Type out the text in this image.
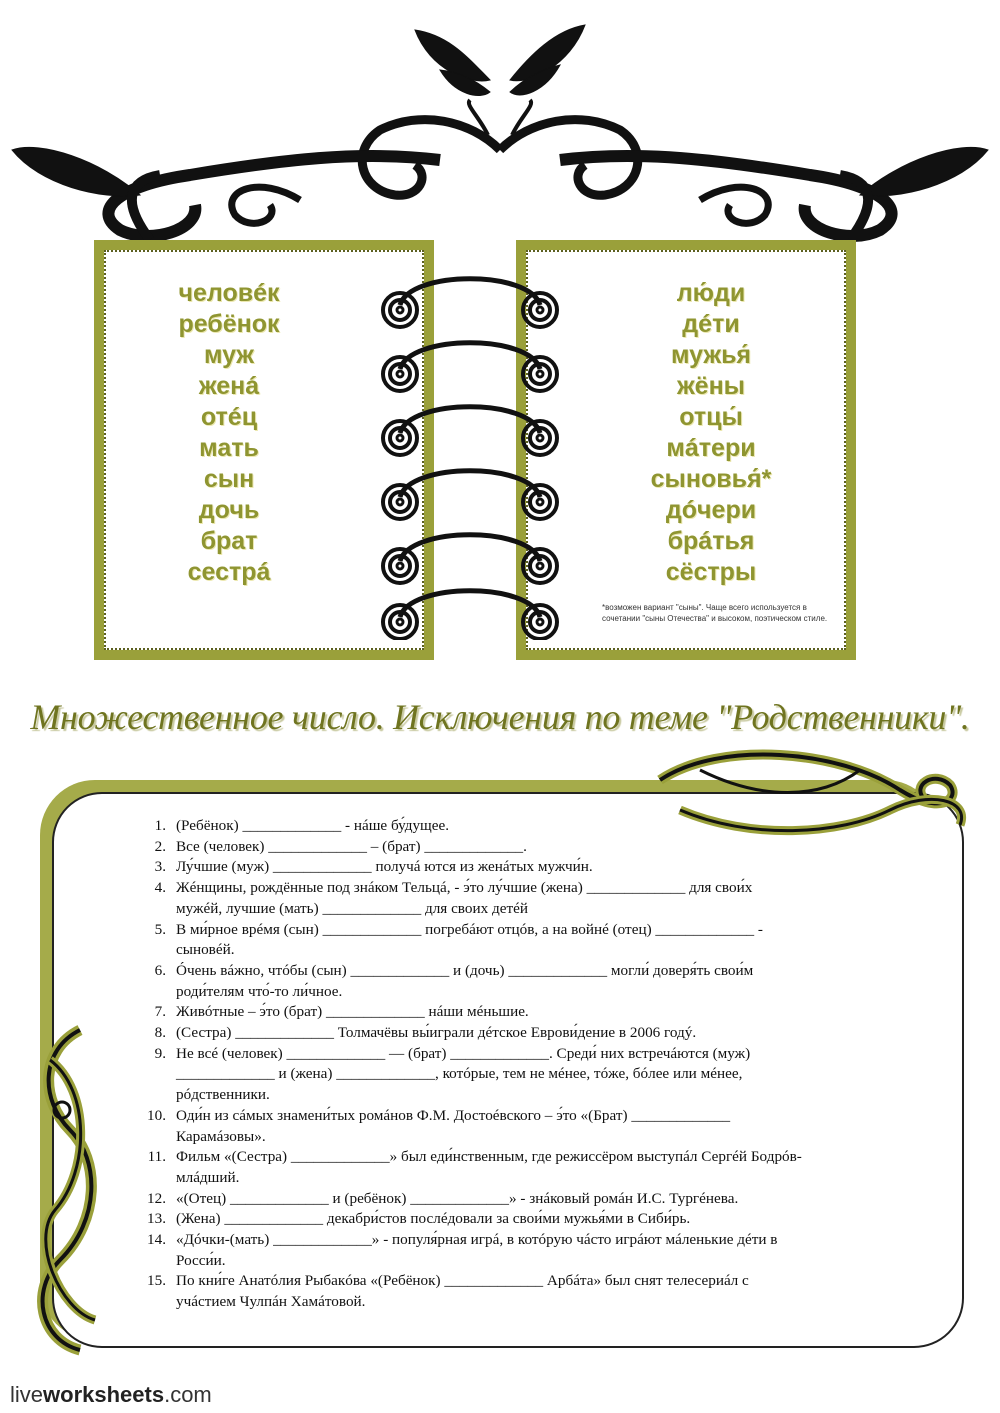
человéк
ребёнок
муж
женá
отéц
мать
сын
дочь
брат
сестрá
лю́ди
дéти
мужья́
жёны
отцы́
мáтери
сыновья́*
дóчери
брáтья
сёстры
*возможен вариант "сыны". Чаще всего используется в сочетании "сыны Отечества" и высоком, поэтическом стиле.
Множественное число. Исключения по теме "Родственники".
1. (Ребёнок) _____________ - нáше бу́дущее.
2. Все (человек) _____________ – (брат) _____________.
3. Лу́чшие (муж) _____________ получá ются из женáтых мужчи́н.
4. Жéнщины, рождённые под знáком Тельцá, - э́то лу́чшие (жена) _____________ для свои́х
мужéй, лучшие (мать) _____________ для своих детéй
5. В ми́рное врéмя (сын) _____________ погребáют отцóв, а на войнé (отец) _____________ -
сыновéй.
6. Óчень вáжно, чтóбы (сын) _____________ и (дочь) _____________ могли́ доверя́ть свои́м
роди́телям что́-то ли́чное.
7. Живóтные – э́то (брат) _____________ нáши мéньшие.
8. (Сестра) _____________ Толмачёвы вы́играли дéтское Еврови́дение в 2006 годý.
9. Не всé (человек) _____________ — (брат) _____________. Среди́ них встречáются (муж)
_____________ и (жена) _____________, котóрые, тем не мéнее, тóже, бóлее или мéнее,
рóдственники.
10. Оди́н из сáмых знамени́тых ромáнов Ф.М. Достоéвского – э́то «(Брат) _____________
Карамáзовы».
11. Фильм «(Сестра) _____________» был еди́нственным, где режиссёром выступáл Сергéй Бодрóв-
млáдший.
12. «(Отец) _____________ и (ребёнок) _____________» - знáковый ромáн И.С. Тургéнева.
13. (Жена) _____________ декабри́стов послéдовали за свои́ми мужья́ми в Сиби́рь.
14. «Дóчки-(мать) _____________» - популя́рная игрá, в котóрую чáсто игрáют мáленькие дéти в
Росси́и.
15. По кни́ге Анатóлия Рыбакóва «(Ребёнок) _____________ Арбáта» был снят телесериáл с
учáстием Чулпáн Хамáтовой.
liveworksheets.com
